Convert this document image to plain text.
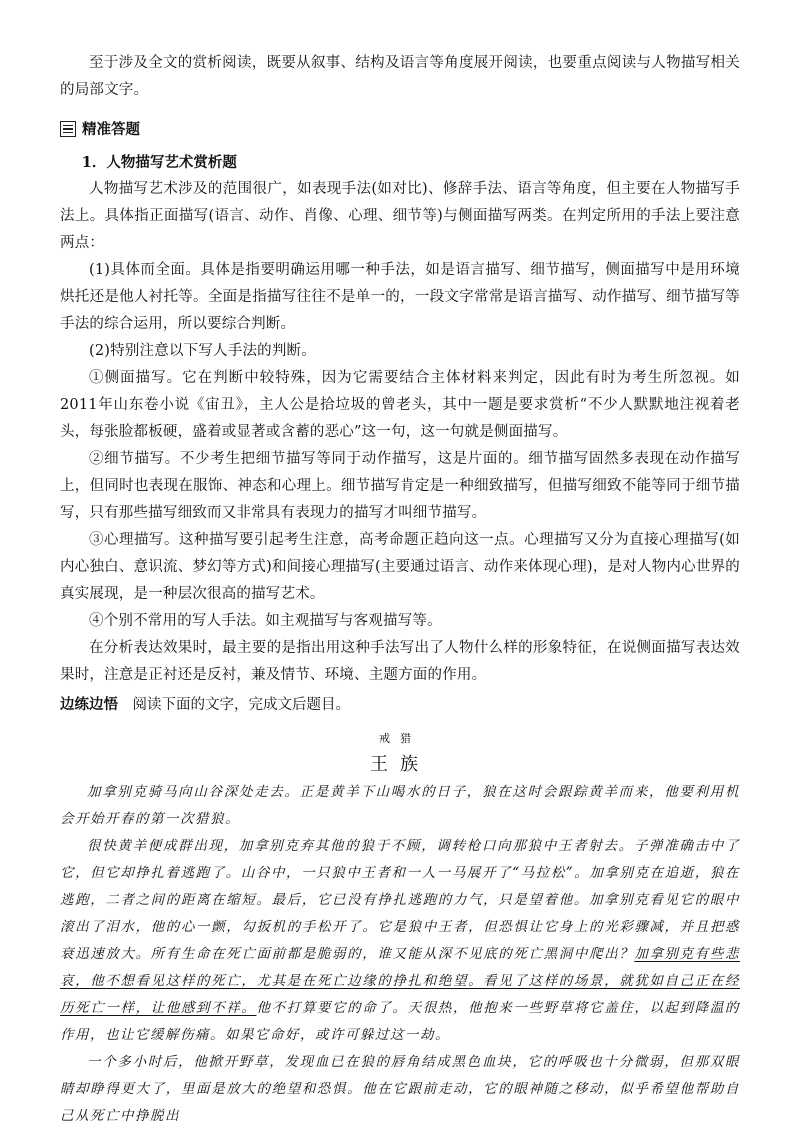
至于涉及全文的赏析阅读，既要从叙事、结构及语言等角度展开阅读，也要重点阅读与人物描写相关的局部文字。

精准答题

1．人物描写艺术赏析题

人物描写艺术涉及的范围很广，如表现手法(如对比)、修辞手法、语言等角度，但主要在人物描写手法上。具体指正面描写(语言、动作、肖像、心理、细节等)与侧面描写两类。在判定所用的手法上要注意两点：

(1)具体而全面。具体是指要明确运用哪一种手法，如是语言描写、细节描写，侧面描写中是用环境烘托还是他人衬托等。全面是指描写往往不是单一的，一段文字常常是语言描写、动作描写、细节描写等手法的综合运用，所以要综合判断。

(2)特别注意以下写人手法的判断。

①侧面描写。它在判断中较特殊，因为它需要结合主体材料来判定，因此有时为考生所忽视。如2011年山东卷小说《宙丑》，主人公是拾垃圾的曾老头，其中一题是要求赏析“不少人默默地注视着老头，每张脸都板硬，盛着或显著或含蓄的恶心”这一句，这一句就是侧面描写。

②细节描写。不少考生把细节描写等同于动作描写，这是片面的。细节描写固然多表现在动作描写上，但同时也表现在服饰、神态和心理上。细节描写肯定是一种细致描写，但描写细致不能等同于细节描写，只有那些描写细致而又非常具有表现力的描写才叫细节描写。

③心理描写。这种描写要引起考生注意，高考命题正趋向这一点。心理描写又分为直接心理描写(如内心独白、意识流、梦幻等方式)和间接心理描写(主要通过语言、动作来体现心理)，是对人物内心世界的真实展现，是一种层次很高的描写艺术。

④个别不常用的写人手法。如主观描写与客观描写等。

在分析表达效果时，最主要的是指出用这种手法写出了人物什么样的形象特征，在说侧面描写表达效果时，注意是正衬还是反衬，兼及情节、环境、主题方面的作用。

边练边悟　 阅读下面的文字，完成文后题目。

戒猎
王族

加拿别克骑马向山谷深处走去。正是黄羊下山喝水的日子，狼在这时会跟踪黄羊而来，他要利用机会开始开春的第一次猎狼。

很快黄羊便成群出现，加拿别克弃其他的狼于不顾，调转枪口向那狼中王者射去。子弹准确击中了它，但它却挣扎着逃跑了。山谷中，一只狼中王者和一人一马展开了“马拉松”。加拿别克在追逝，狼在逃跑，二者之间的距离在缩短。最后，它已没有挣扎逃跑的力气，只是望着他。加拿别克看见它的眼中滚出了泪水，他的心一颤，勾扳机的手松开了。它是狼中王者，但恐惧让它身上的光彩骤减，并且把惑衰迅速放大。所有生命在死亡面前都是脆弱的，谁又能从深不见底的死亡黑洞中爬出？加拿别克有些悲哀，他不想看见这样的死亡，尤其是在死亡边缘的挣扎和绝望。看见了这样的场景，就犹如自己正在经历死亡一样，让他感到不祥。他不打算要它的命了。天很热，他抱来一些野草将它盖住，以起到降温的作用，也让它缓解伤痛。如果它命好，或许可躲过这一劫。

一个多小时后，他掀开野草，发现血已在狼的唇角结成黑色血块，它的呼吸也十分微弱，但那双眼睛却睁得更大了，里面是放大的绝望和恐惧。他在它跟前走动，它的眼神随之移动，似乎希望他帮助自己从死亡中挣脱出
